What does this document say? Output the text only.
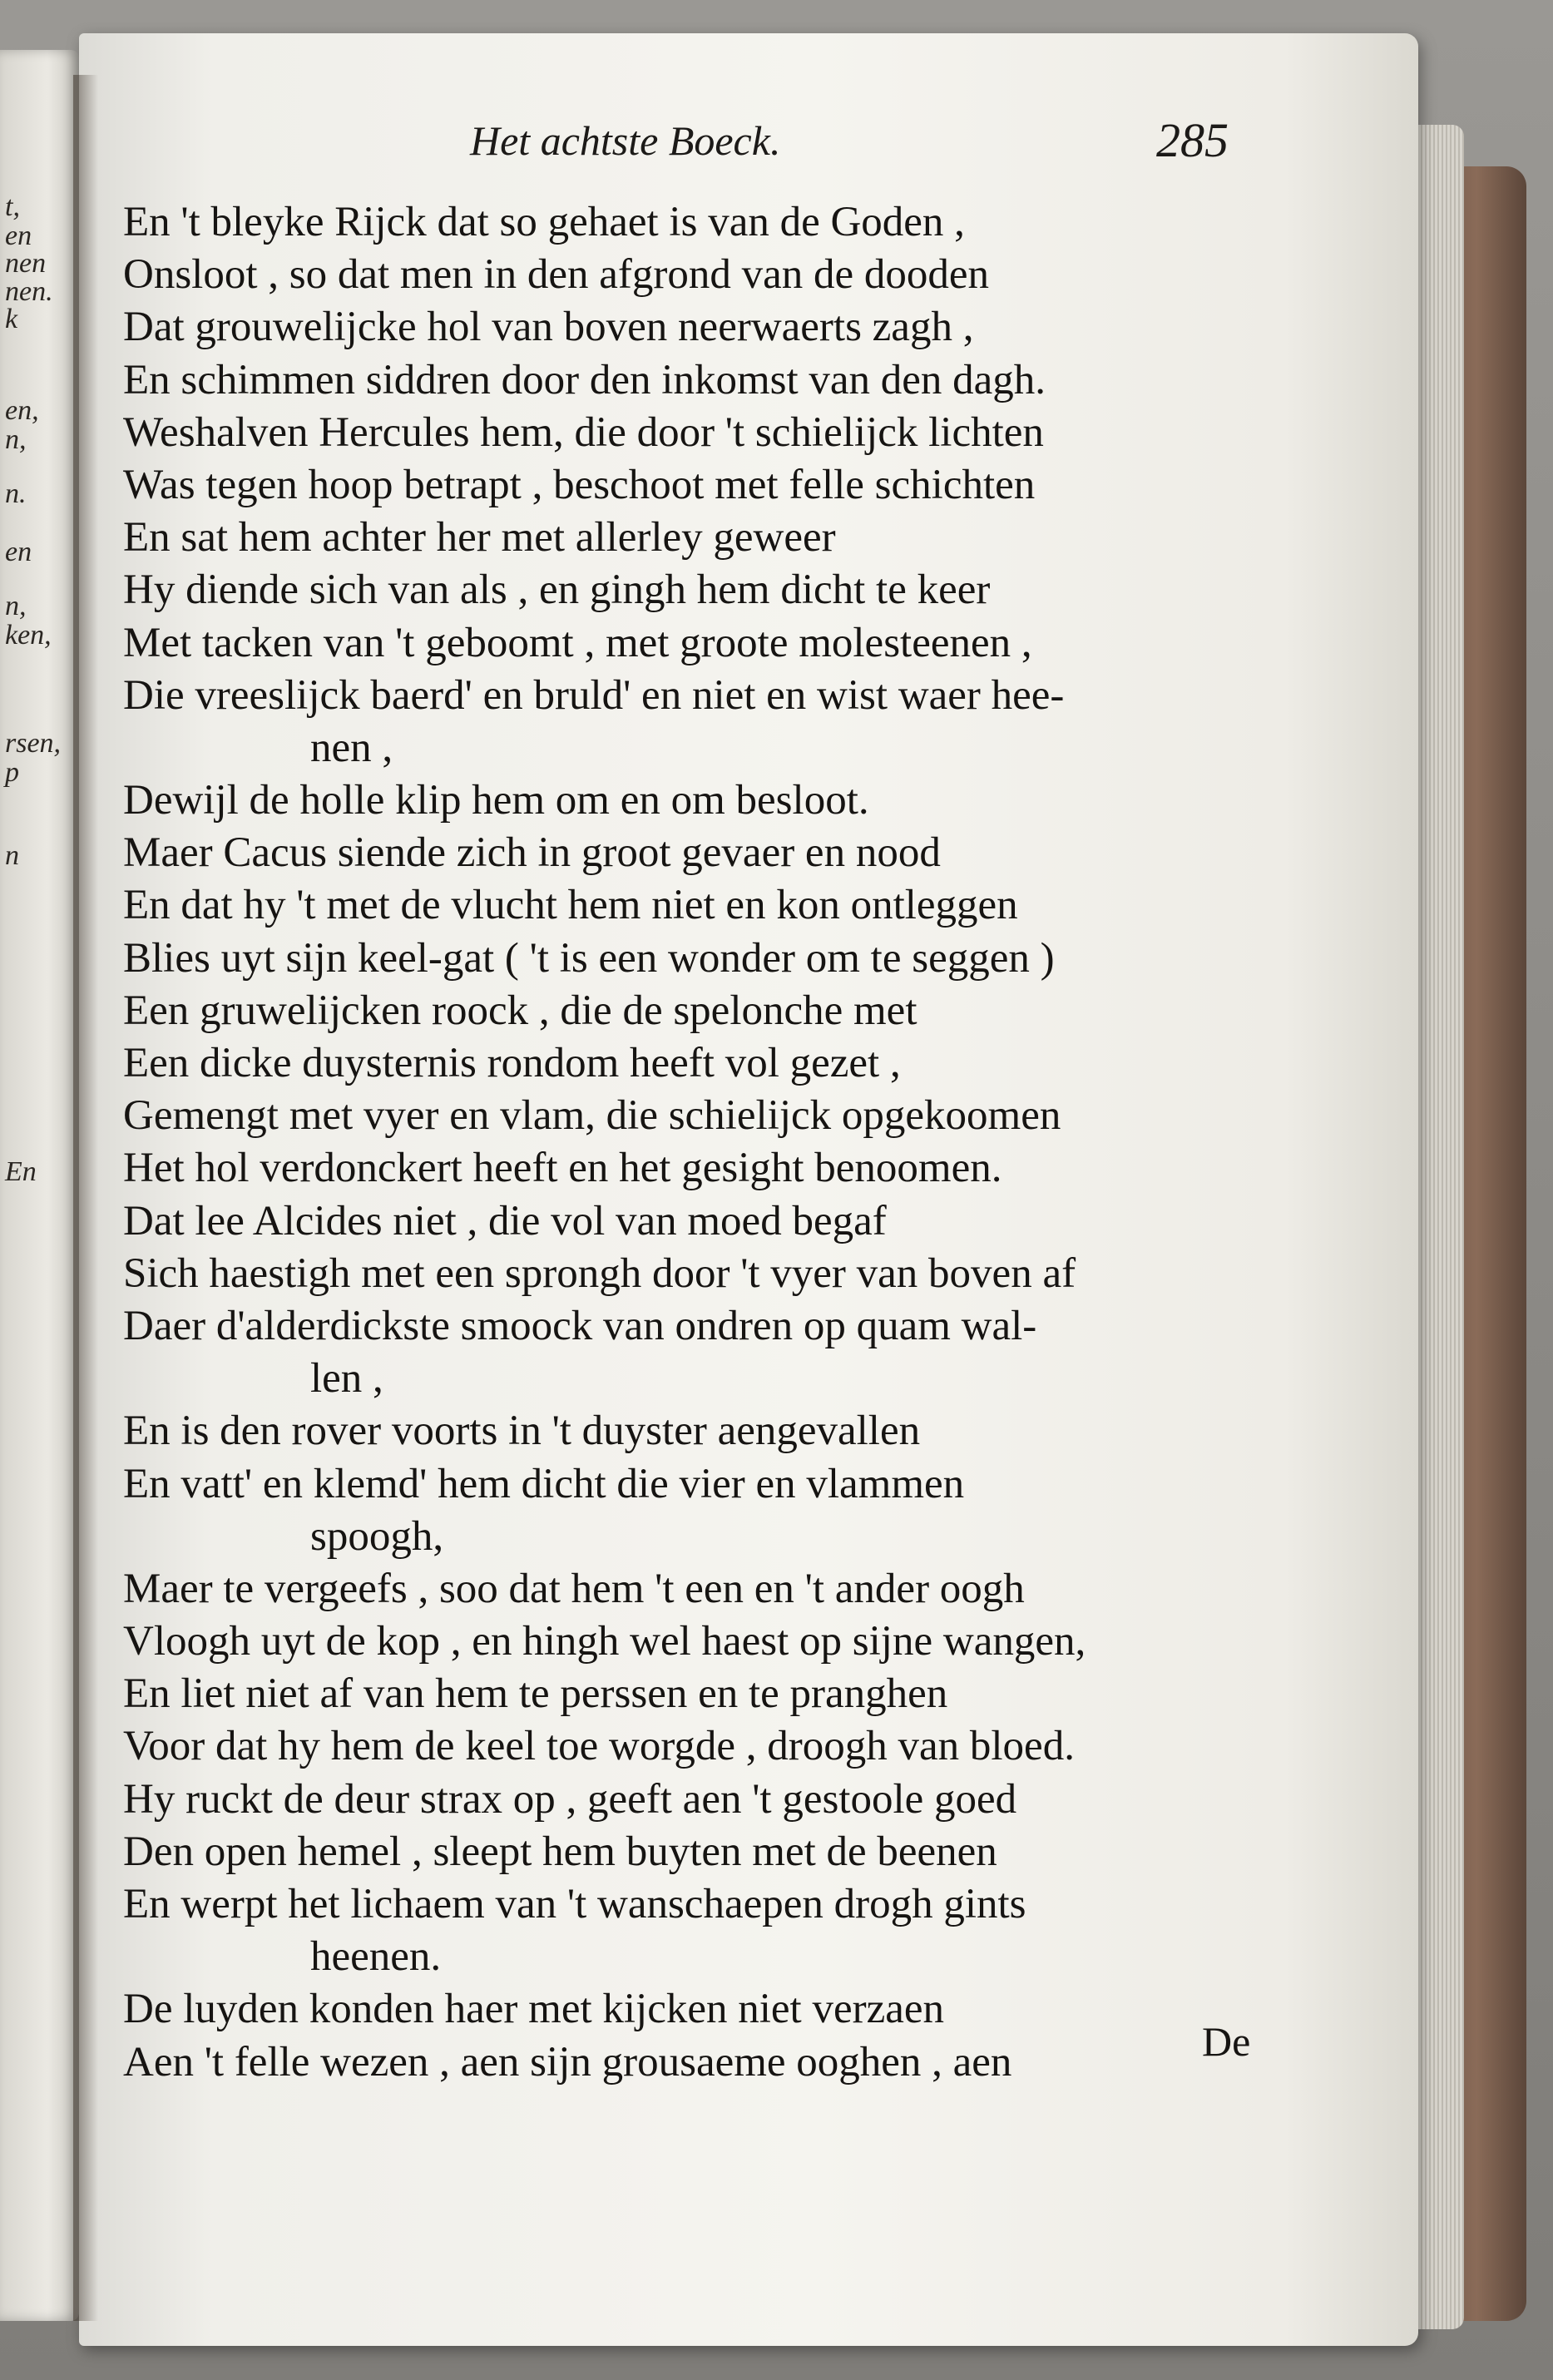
t,
en
nen
nen.
k
en,
n,
n.
en
n,
ken,
rsen,
p
n
En
Het achtste Boeck.	285
En 't bleyke Rijck dat so gehaet is van de Goden ,
Onsloot , so dat men in den afgrond van de dooden
Dat grouwelijcke hol van boven neerwaerts zagh ,
En schimmen siddren door den inkomst van den dagh.
Weshalven Hercules hem, die door 't schielijck lichten
Was tegen hoop betrapt , beschoot met felle schichten
En sat hem achter her met allerley geweer
Hy diende sich van als , en gingh hem dicht te keer
Met tacken van 't geboomt , met groote molesteenen ,
Die vreeslijck baerd' en bruld' en niet en wist waer hee-
nen ,
Dewijl de holle klip hem om en om besloot.
Maer Cacus siende zich in groot gevaer en nood
En dat hy 't met de vlucht hem niet en kon ontleggen
Blies uyt sijn keel-gat ( 't is een wonder om te seggen )
Een gruwelijcken roock , die de spelonche met
Een dicke duysternis rondom heeft vol gezet ,
Gemengt met vyer en vlam, die schielijck opgekoomen
Het hol verdonckert heeft en het gesight benoomen.
Dat lee Alcides niet , die vol van moed begaf
Sich haestigh met een sprongh door 't vyer van boven af
Daer d'alderdickste smoock van ondren op quam wal-
len ,
En is den rover voorts in 't duyster aengevallen
En vatt' en klemd' hem dicht die vier en vlammen
spoogh,
Maer te vergeefs , soo dat hem 't een en 't ander oogh
Vloogh uyt de kop , en hingh wel haest op sijne wangen,
En liet niet af van hem te perssen en te pranghen
Voor dat hy hem de keel toe worgde , droogh van bloed.
Hy ruckt de deur strax op , geeft aen 't gestoole goed
Den open hemel , sleept hem buyten met de beenen
En werpt het lichaem van 't wanschaepen drogh gints
heenen.
De luyden konden haer met kijcken niet verzaen
Aen 't felle wezen , aen sijn grousaeme ooghen , aen	De
